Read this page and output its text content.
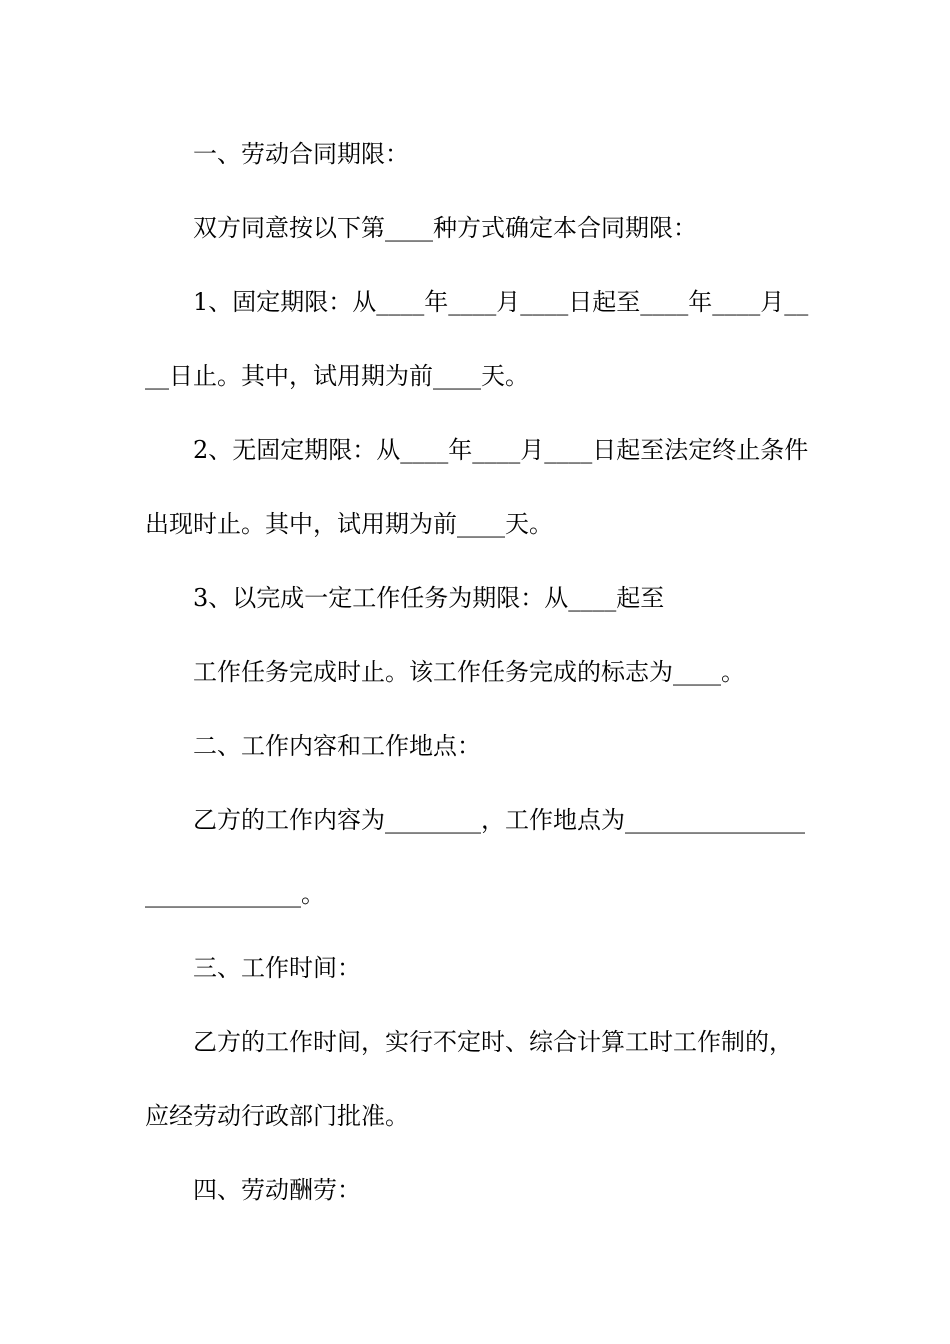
一、劳动合同期限：

双方同意按以下第____种方式确定本合同期限：

1、固定期限：从____年____月____日起至____年____月__

__日止。其中，试用期为前____天。

2、无固定期限：从____年____月____日起至法定终止条件

出现时止。其中，试用期为前____天。

3、以完成一定工作任务为期限：从____起至

工作任务完成时止。该工作任务完成的标志为____。

二、工作内容和工作地点：

乙方的工作内容为________，工作地点为_______________

_____________。

三、工作时间：

乙方的工作时间，实行不定时、综合计算工时工作制的，

应经劳动行政部门批准。

四、劳动酬劳：
